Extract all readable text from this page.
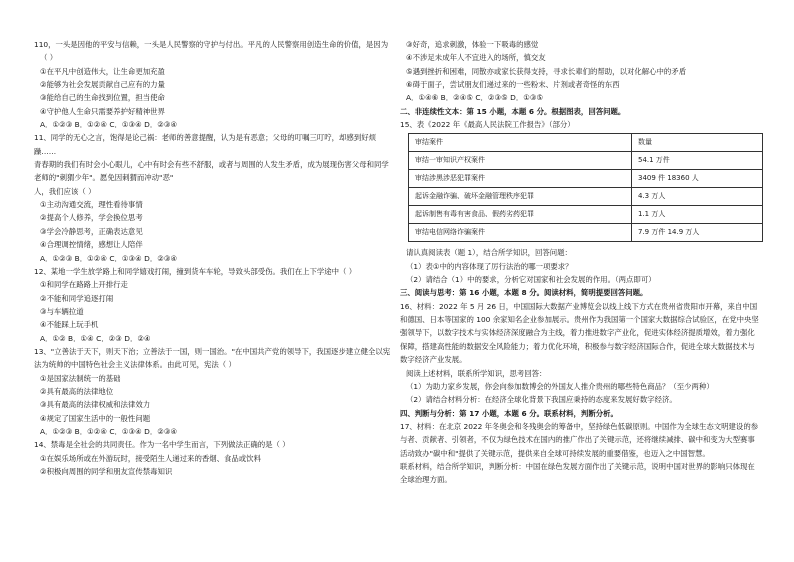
110，一头是因他的平安与信赖，一头是人民警察的守护与付出。平凡的人民警察用创造生命的价值，是因为

（ ）

①在平凡中创造伟大，让生命更加充盈

②能够为社会发展贡献自己应有的力量

③能给自己的生命找到位置，担当使命

④守护他人生命只需要养护好精神世界

A．①②③ B．①②④ C．①③④ D．②③④

11、同学的无心之言，饱得是论己祸：老师的善意提醒，认为是有恶意；父母的叮嘱三叮咛，却感到好烦躁……

青春期的我们有时会小心眼儿，心中有时会有些不舒服，或者与周围的人发生矛盾，成为展现伤害父母和同学老师的"刺猬少年"。愿免因刺猬而冲动"恶"

人，我们应该（ ）

①主动沟通交流，理性看待事情

②提高个人修养，学会换位思考

③学会冷静思考，正确表达意见

④合理调控情绪，感想让人陪伴

A．①②③ B．①②④ C．①③④ D．②③④

12、某地一学生放学路上和同学嬉戏打闹，撞到货车车轮，导致头部受伤。我们在上下学途中（ ）

①和同学在路路上开排行走

②不能和同学追逐打闹

③与车辆拉道

④不能踩上玩手机

A．①② B．①④ C．②③ D．②④

13、"立善法于天下，则天下治；立善法于一国，则一国治。"在中国共产党的领导下，我国逐步建立健全以宪法为统帅的中国特色社会主义法律体系。由此可见，宪法（ ）

①是国家法制统一的基础

②具有最高的法律地位

③具有最高的法律权威和法律效力

④规定了国家生活中的一般性问题

A．①②③ B．①②④ C．①③④ D．②③④

14、禁毒是全社会的共同责任。作为一名中学生而言，下列做法正确的是（ ）

①在娱乐场所或在外游玩时，接受陌生人递过来的香烟、食品或饮料

②积极向周围的同学和朋友宣传禁毒知识

③好奇，追求刺激，体验一下吸毒的感觉

④不涉足未成年人不宜进入的场所，慎交友

⑤遇到挫折和困难，同散亦或家长获得支持，寻求长辈们的帮助，以对化解心中的矛盾

⑥碍于面子，尝试朋友们递过来的一些粉末、片剂或者奇怪的东西

A．①④⑥ B．②④⑤ C．②③⑤ D．①③⑤

二、非连续性文本：第 15 小题，本题 6 分。根据图表，回答问题。

15、表《2022 年《最高人民法院工作报告》（部分）

审结案件	数量
审结一审知识产权案件	54.1 万件
审结涉黑涉恶犯罪案件	3409 件 18360 人
起诉金融诈骗、破坏金融管理秩序犯罪	4.3 万人
起诉制售有毒有害食品、假药劣药犯罪	1.1 万人
审结电信网络诈骗案件	7.9 万件 14.9 万人

请认真阅读表（题 1），结合所学知识，回答问题：

（1）表①中的内容体现了厉行法治的哪一项要求？

（2）请结合（1）中的要求，分析它对国家和社会发展的作用。（两点即可）

三、阅读与思考：第 16 小题，本题 8 分。阅读材料，简明提要回答问题。

16、材料：2022 年 5 月 26 日，中国国际大数据产业博览会以线上线下方式在贵州省贵阳市开幕，来自中国和德国、日本等国家的 100 余家知名企业参加展示。贵州作为我国第一个国家大数据综合试验区，在党中央坚强领导下，以数字技术与实体经济深度融合为主线，着力推进数字产业化，促进实体经济提质增效，着力强化保障，搭建高性能的数据安全风险能力；着力优化环境，积极参与数字经济国际合作，促进全球大数据技术与数字经济产业发展。

阅读上述材料，联系所学知识，思考回答：

（1）为助力家乡发展，你会向参加数博会的外国友人推介贵州的哪些特色商品？（至少两种）

（2）请结合材料分析：在经济全球化背景下我国应秉持的态度来发展好数字经济。

四、判断与分析：第 17 小题，本题 6 分。联系材料，判断分析。

17、材料：在北京 2022 年冬奥会和冬残奥会的筹备中，坚持绿色低碳原则。中国作为全球生态文明建设的参与者、贡献者、引领者，不仅为绿色技术在国内的推广作出了关键示范，还将继续减排、碳中和变为大型赛事活动致办"碳中和"提供了关键示范，提供来自全球可持续发展的重要借鉴，也迈入之中国智慧。

联系材料，结合所学知识，判断分析：中国在绿色发展方面作出了关键示范，说明中国对世界的影响只体现在全球治理方面。
